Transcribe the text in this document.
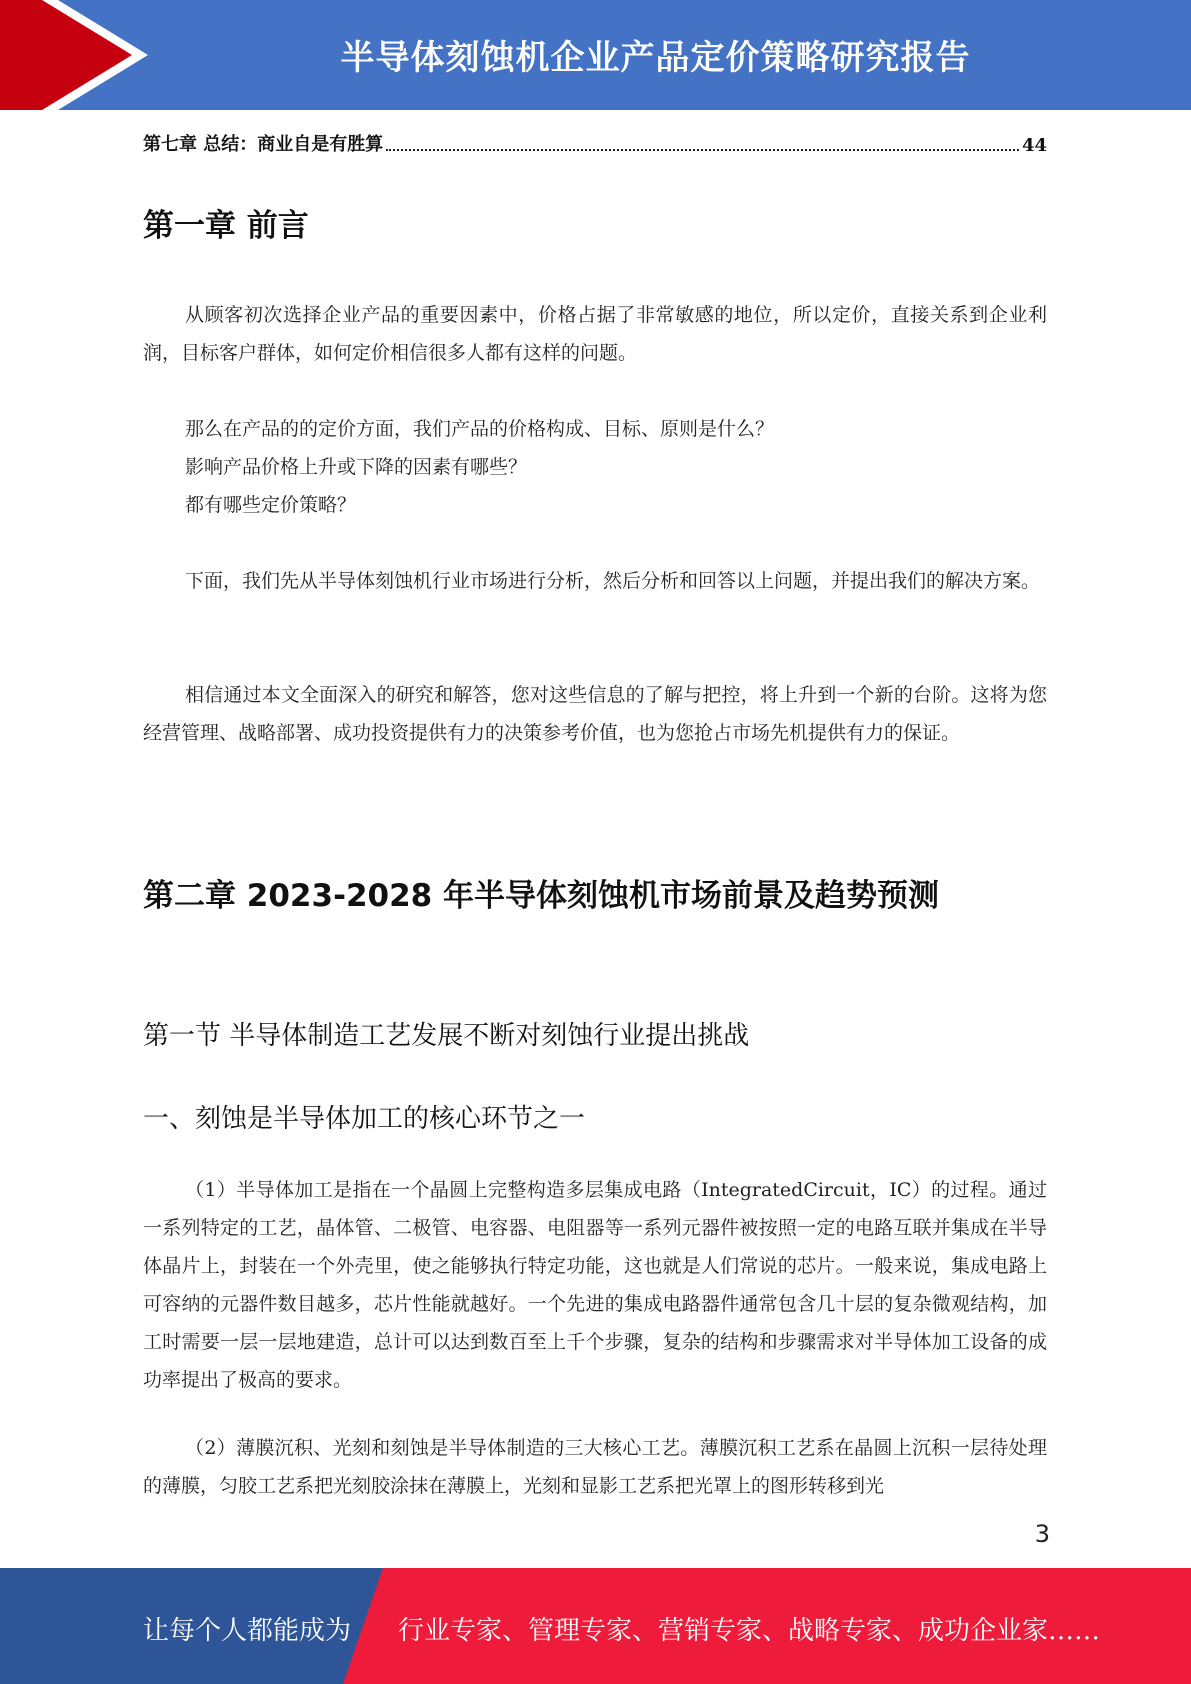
半导体刻蚀机企业产品定价策略研究报告
第七章 总结：商业自是有胜算	44
第一章 前言

从顾客初次选择企业产品的重要因素中，价格占据了非常敏感的地位，所以定价，直接关系到企业利润，目标客户群体，如何定价相信很多人都有这样的问题。

那么在产品的的定价方面，我们产品的价格构成、目标、原则是什么？

影响产品价格上升或下降的因素有哪些？

都有哪些定价策略？

下面，我们先从半导体刻蚀机行业市场进行分析，然后分析和回答以上问题，并提出我们的解决方案。

相信通过本文全面深入的研究和解答，您对这些信息的了解与把控，将上升到一个新的台阶。这将为您经营管理、战略部署、成功投资提供有力的决策参考价值，也为您抢占市场先机提供有力的保证。

第二章 2023-2028 年半导体刻蚀机市场前景及趋势预测
第一节 半导体制造工艺发展不断对刻蚀行业提出挑战
一、刻蚀是半导体加工的核心环节之一

（1）半导体加工是指在一个晶圆上完整构造多层集成电路（IntegratedCircuit，IC）的过程。通过一系列特定的工艺，晶体管、二极管、电容器、电阻器等一系列元器件被按照一定的电路互联并集成在半导体晶片上，封装在一个外壳里，使之能够执行特定功能，这也就是人们常说的芯片。一般来说，集成电路上可容纳的元器件数目越多，芯片性能就越好。一个先进的集成电路器件通常包含几十层的复杂微观结构，加工时需要一层一层地建造，总计可以达到数百至上千个步骤，复杂的结构和步骤需求对半导体加工设备的成功率提出了极高的要求。

（2）薄膜沉积、光刻和刻蚀是半导体制造的三大核心工艺。薄膜沉积工艺系在晶圆上沉积一层待处理的薄膜，匀胶工艺系把光刻胶涂抹在薄膜上，光刻和显影工艺系把光罩上的图形转移到光

3
让每个人都能成为 行业专家、管理专家、营销专家、战略专家、成功企业家……
